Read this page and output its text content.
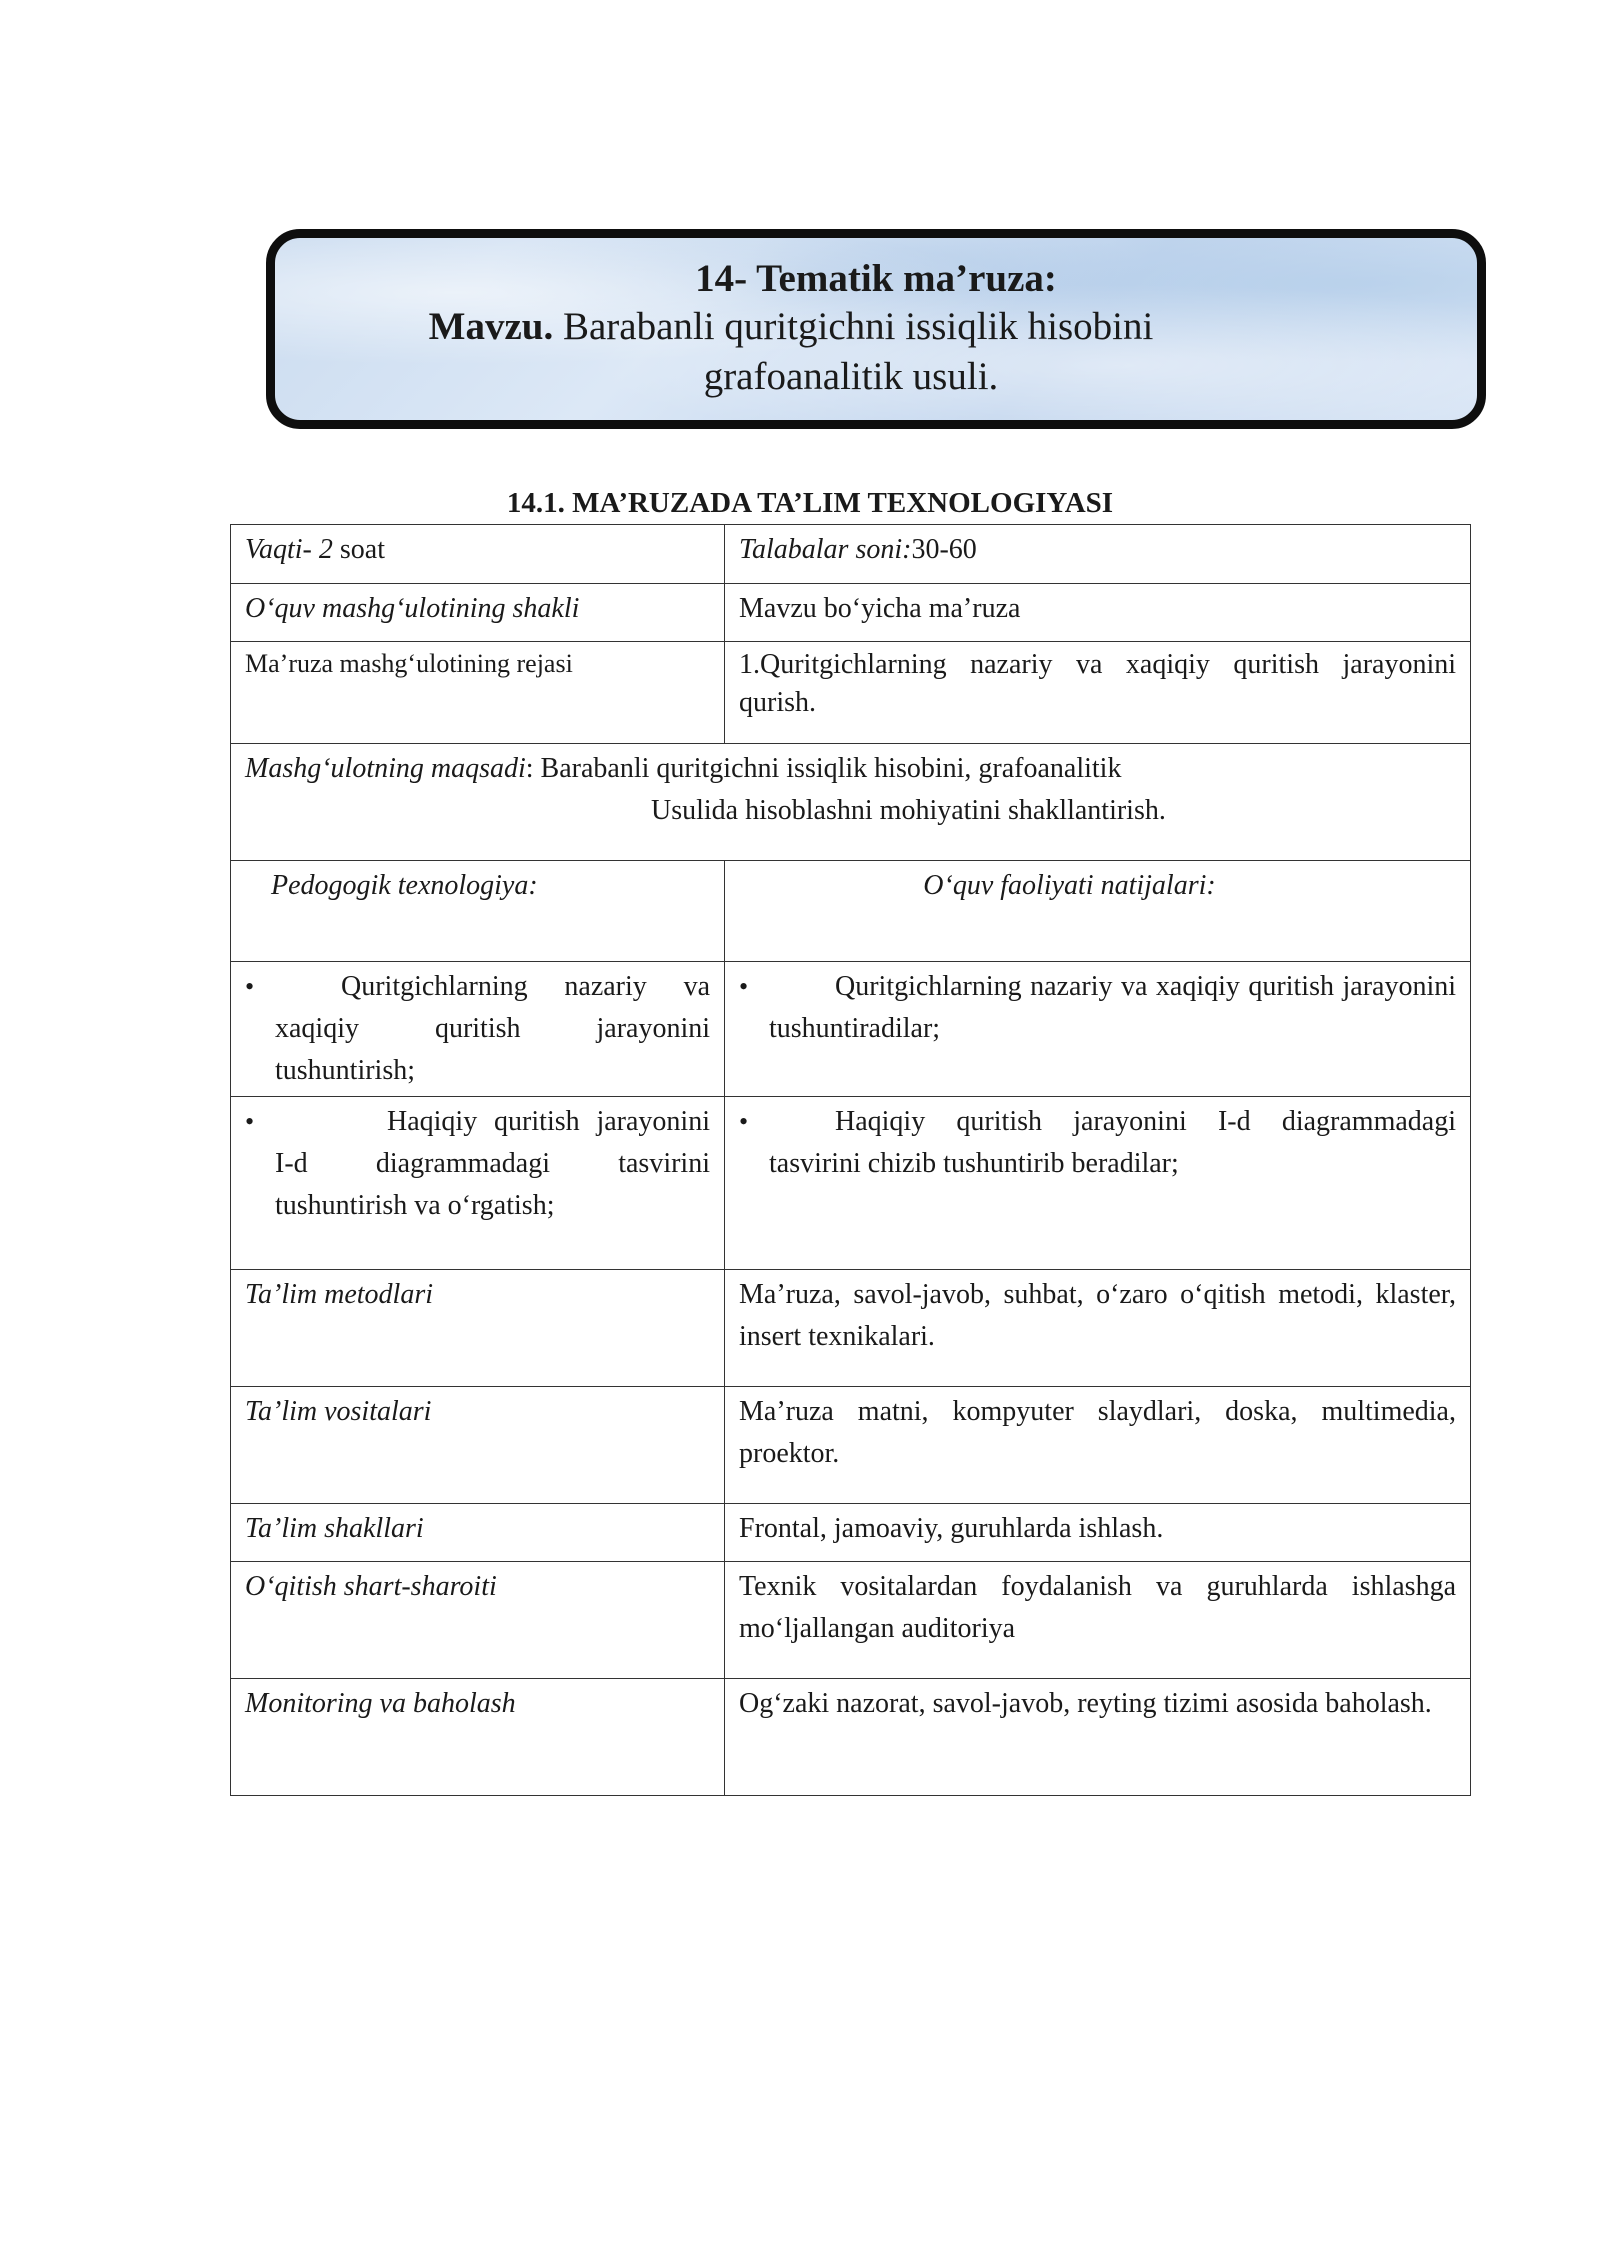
14- Tematik ma’ruza:
Mavzu. Barabanli quritgichni issiqlik hisobini
grafoanalitik usuli.
14.1. MA’RUZADA TA’LIM TEXNOLOGIYASI
Vaqti- 2 soat	Talabalar soni:30-60
O‘quv mashg‘ulotining shakli	Mavzu bo‘yicha ma’ruza
Ma’ruza mashg‘ulotining rejasi	1.Quritgichlarning nazariy va xaqiqiy quritish jarayonini qurish.

Mashg‘ulotning maqsadi: Barabanli quritgichni issiqlik hisobini, grafoanalitik
Usulida hisoblashni mohiyatini shakllantirish.	

Pedogogik texnologiya:	O‘quv faoliyati natijalari:

• Quritgichlarning nazariy va xaqiqiy quritish jarayonini tushuntirish;	• Quritgichlarning nazariy va xaqiqiy quritish jarayonini tushuntiradilar;

• Haqiqiy quritish jarayonini I-d diagrammadagi tasvirini tushuntirish va o‘rgatish;	• Haqiqiy quritish jarayonini I-d diagrammadagi tasvirini chizib tushuntirib beradilar;

Ta’lim metodlari	Ma’ruza, savol-javob, suhbat, o‘zaro o‘qitish metodi, klaster, insert texnikalari.
Ta’lim vositalari	Ma’ruza matni, kompyuter slaydlari, doska, multimedia, proektor.
Ta’lim shakllari	Frontal, jamoaviy, guruhlarda ishlash.
O‘qitish shart-sharoiti	Texnik vositalardan foydalanish va guruhlarda ishlashga mo‘ljallangan auditoriya
Monitoring va baholash	Og‘zaki nazorat, savol-javob, reyting tizimi asosida baholash.
